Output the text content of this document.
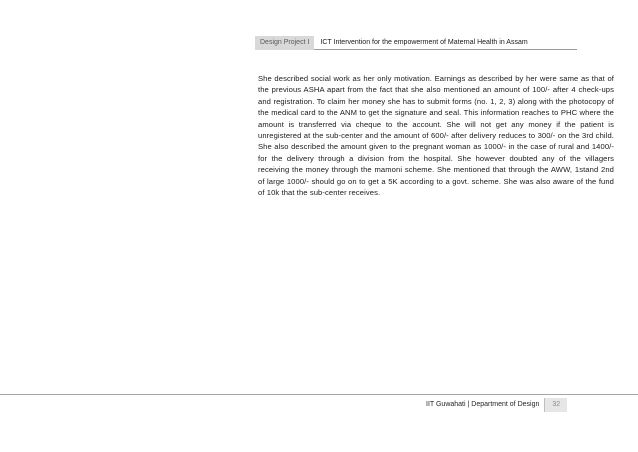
Design Project I	ICT Intervention for the empowerment of Maternal Health in Assam

She described social work as her only motivation. Earnings as described by her were same as that of the previous ASHA apart from the fact that she also mentioned an amount of 100/- after 4 check-ups and registration. To claim her money she has to submit forms (no. 1, 2, 3) along with the photocopy of the medical card to the ANM to get the signature and seal. This information reaches to PHC where the amount is transferred via cheque to the account. She will not get any money if the patient is unregistered at the sub-center and the amount of 600/- after delivery reduces to 300/- on the 3rd child. She also described the amount given to the pregnant woman as 1000/- in the case of rural and 1400/- for the delivery through a division from the hospital. She however doubted any of the villagers receiving the money through the mamoni scheme. She mentioned that through the AWW, 1stand 2nd of large 1000/- should go on to get a 5K according to a govt. scheme. She was also aware of the fund of 10k that the sub-center receives.

IIT Guwahati | Department of Design	32
